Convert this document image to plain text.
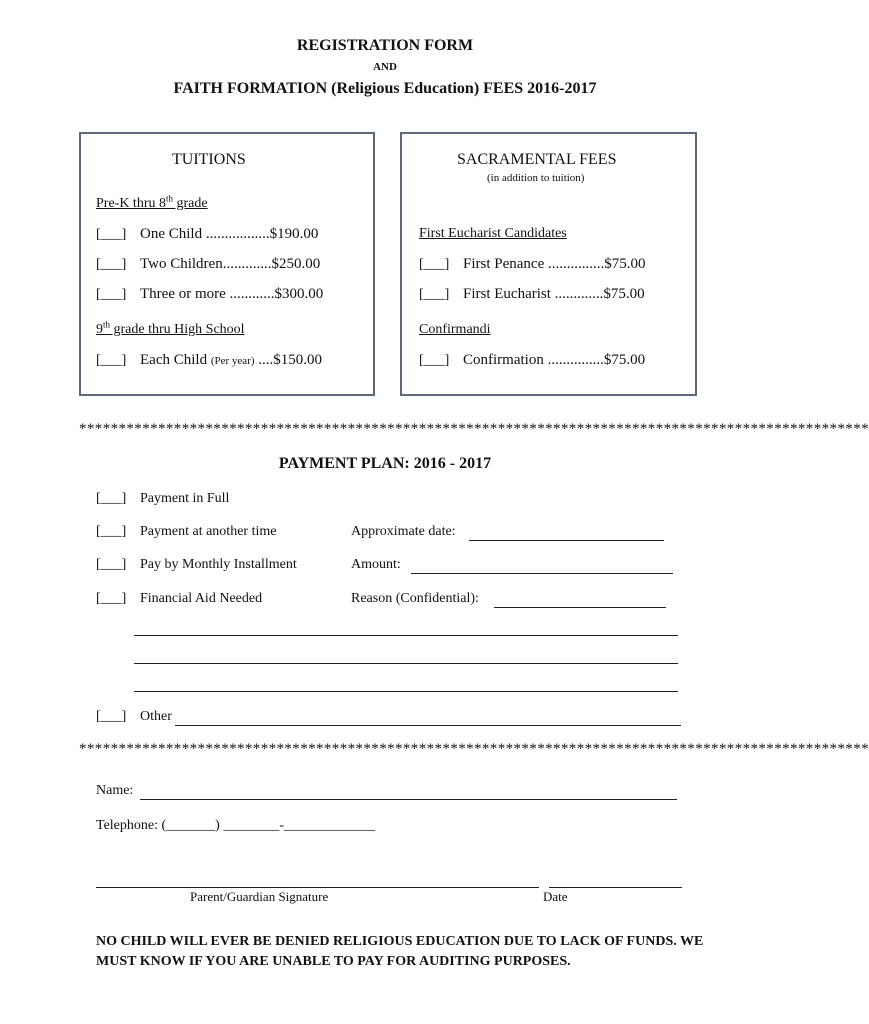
REGISTRATION FORM
AND
FAITH FORMATION (Religious Education) FEES 2016-2017
TUITIONS
Pre-K thru 8th grade
[___] One Child .................$190.00
[___] Two Children.............$250.00
[___] Three or more ............$300.00
9th grade thru High School
[___] Each Child (Per year) ....$150.00
SACRAMENTAL FEES
(in addition to tuition)
First Eucharist Candidates
[___] First Penance ...............$75.00
[___] First Eucharist .............$75.00
Confirmandi
[___] Confirmation ...............$75.00
****************************************************************************************************
PAYMENT PLAN: 2016 - 2017
[___] Payment in Full
[___] Payment at another time	Approximate date:
[___] Pay by Monthly Installment	Amount:
[___] Financial Aid Needed	Reason (Confidential):
[___] Other
****************************************************************************************************
Name:
Telephone: (_______) ________-_____________
Parent/Guardian Signature	Date
NO CHILD WILL EVER BE DENIED RELIGIOUS EDUCATION DUE TO LACK OF FUNDS. WE MUST KNOW IF YOU ARE UNABLE TO PAY FOR AUDITING PURPOSES.
